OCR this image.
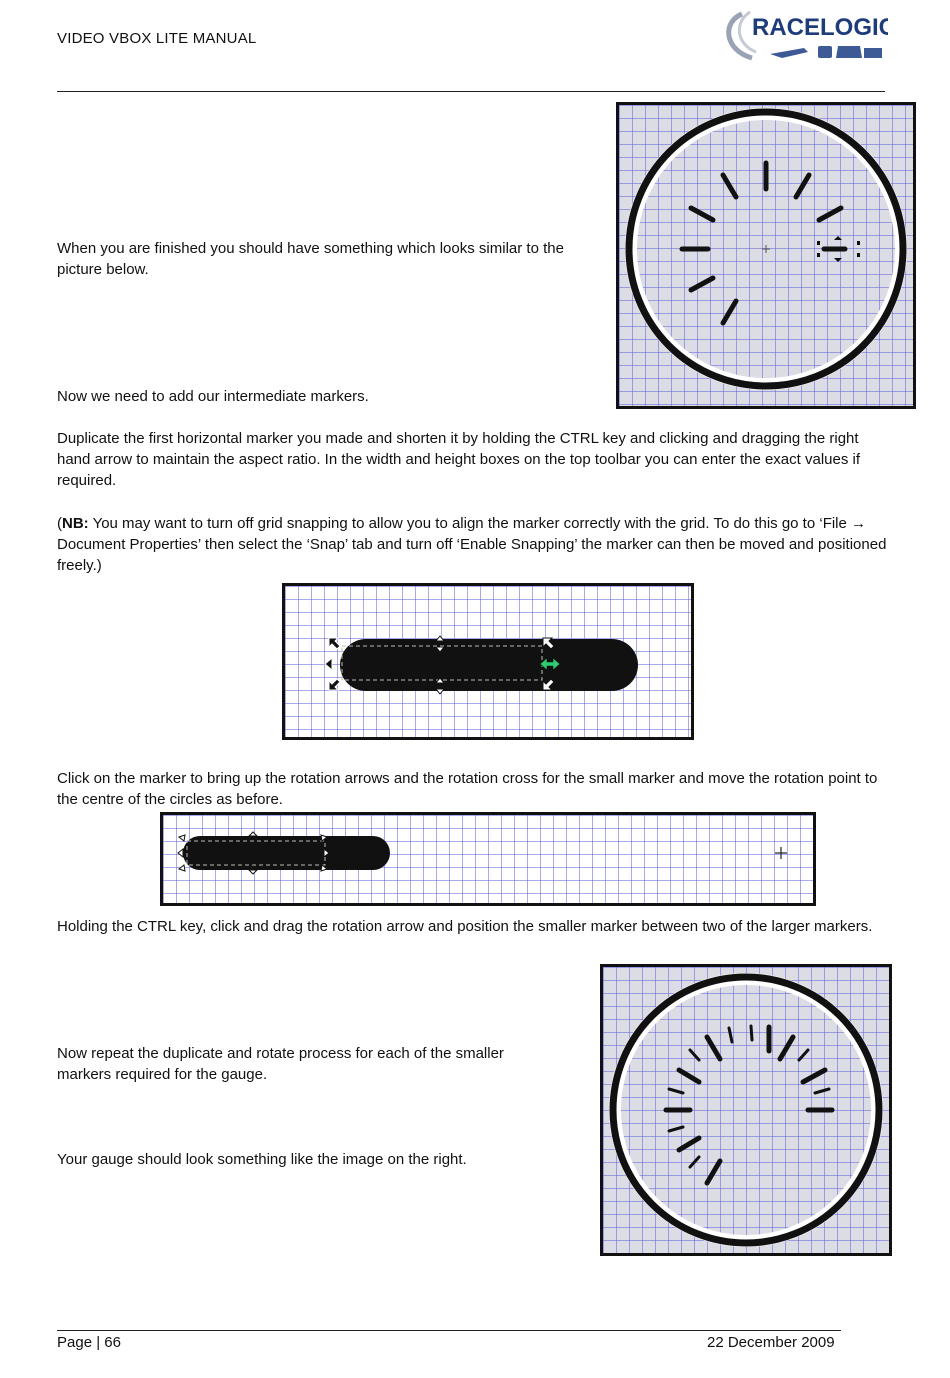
VIDEO VBOX LITE MANUAL	RACELOGIC
When you are finished you should have something which looks similar to the picture below.
Now we need to add our intermediate markers.
Duplicate the first horizontal marker you made and shorten it by holding the CTRL key and clicking and dragging the right hand arrow to maintain the aspect ratio. In the width and height boxes on the top toolbar you can enter the exact values if required.
(NB: You may want to turn off grid snapping to allow you to align the marker correctly with the grid. To do this go to ‘File → Document Properties’ then select the ‘Snap’ tab and turn off ‘Enable Snapping’ the marker can then be moved and positioned freely.)
Click on the marker to bring up the rotation arrows and the rotation cross for the small marker and move the rotation point to the centre of the circles as before.
Holding the CTRL key, click and drag the rotation arrow and position the smaller marker between two of the larger markers.
Now repeat the duplicate and rotate process for each of the smaller markers required for the gauge.
Your gauge should look something like the image on the right.
Page | 66	22 December 2009
